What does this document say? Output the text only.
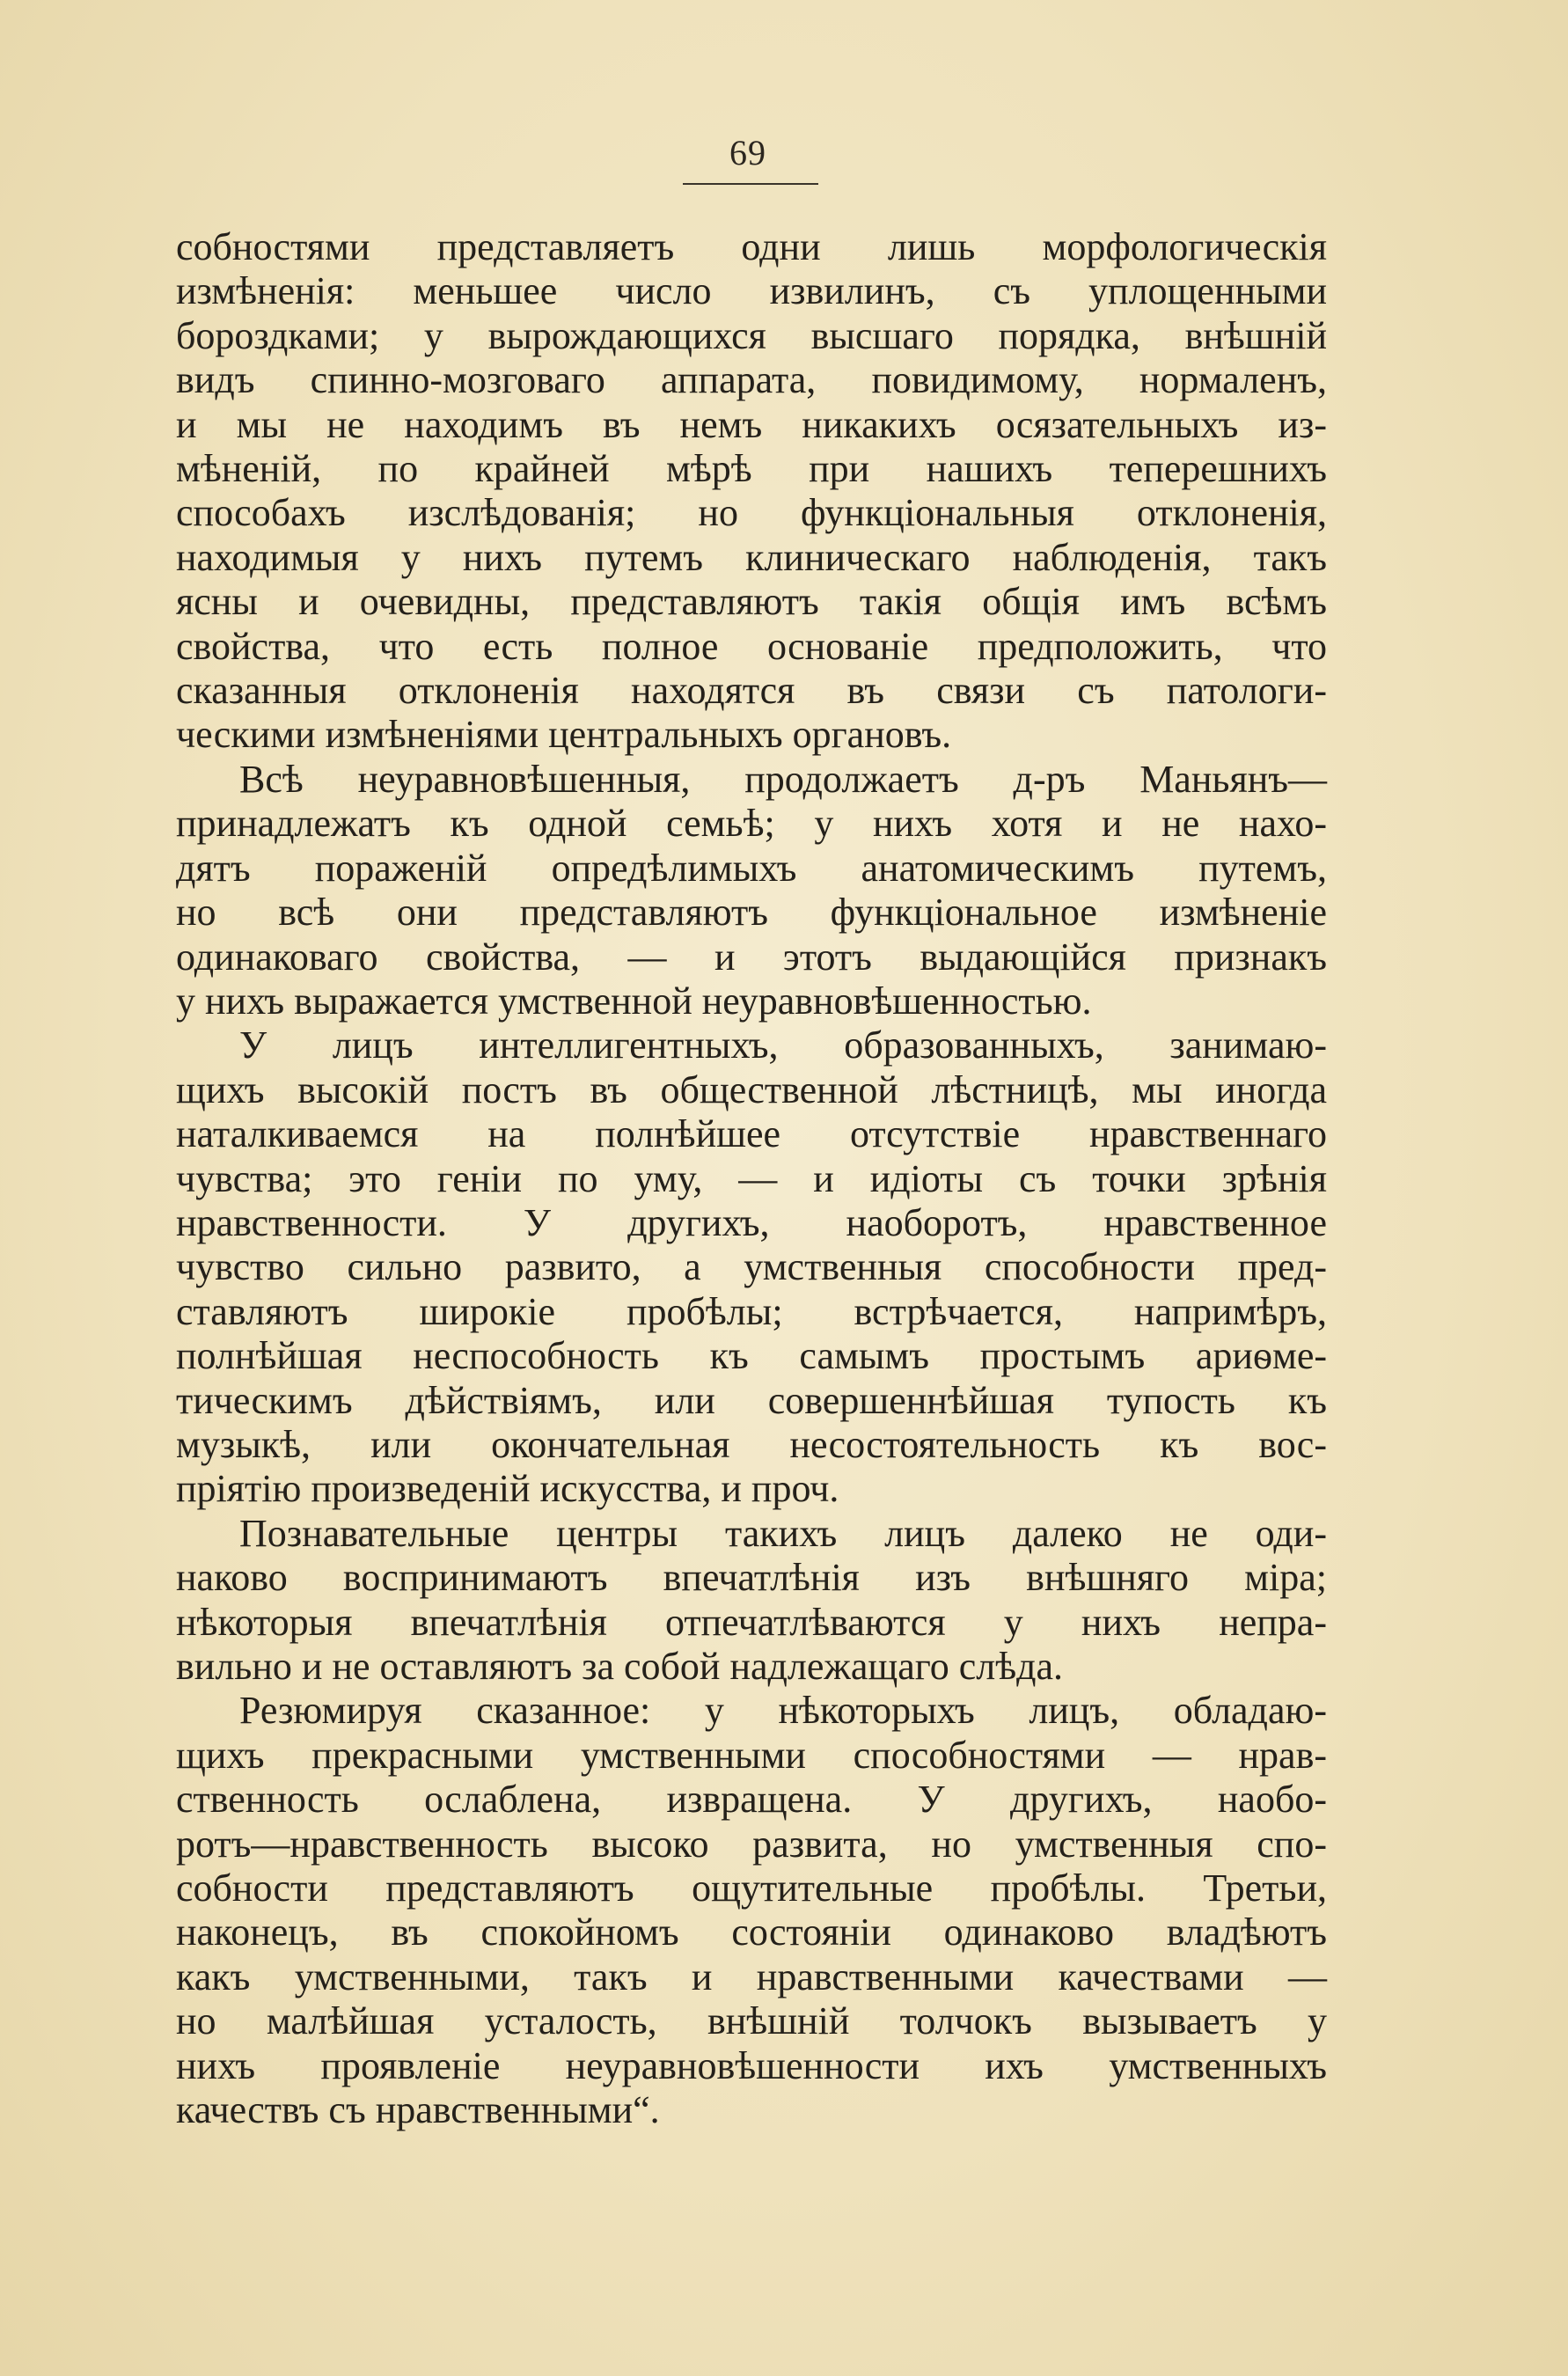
69
собностями представляетъ одни лишь морфологическія
измѣненія: меньшее число извилинъ, съ уплощенными
бороздками; у вырождающихся высшаго порядка, внѣшній
видъ спинно-мозговаго аппарата, повидимому, нормаленъ,
и мы не находимъ въ немъ никакихъ осязательныхъ из-
мѣненій, по крайней мѣрѣ при нашихъ теперешнихъ
способахъ изслѣдованія; но функціональныя отклоненія,
находимыя у нихъ путемъ клиническаго наблюденія, такъ
ясны и очевидны, представляютъ такія общія имъ всѣмъ
свойства, что есть полное основаніе предположить, что
сказанныя отклоненія находятся въ связи съ патологи-
ческими измѣненіями центральныхъ органовъ.
Всѣ неуравновѣшенныя, продолжаетъ д-ръ Маньянъ—
принадлежатъ къ одной семьѣ; у нихъ хотя и не нахо-
дятъ пораженій опредѣлимыхъ анатомическимъ путемъ,
но всѣ они представляютъ функціональное измѣненіе
одинаковаго свойства, — и этотъ выдающійся признакъ
у нихъ выражается умственной неуравновѣшенностью.
У лицъ интеллигентныхъ, образованныхъ, занимаю-
щихъ высокій постъ въ общественной лѣстницѣ, мы иногда
наталкиваемся на полнѣйшее отсутствіе нравственнаго
чувства; это геніи по уму, — и идіоты съ точки зрѣнія
нравственности. У другихъ, наоборотъ, нравственное
чувство сильно развито, а умственныя способности пред-
ставляютъ широкіе пробѣлы; встрѣчается, напримѣръ,
полнѣйшая неспособность къ самымъ простымъ ариѳме-
тическимъ дѣйствіямъ, или совершеннѣйшая тупость къ
музыкѣ, или окончательная несостоятельность къ вос-
пріятію произведеній искусства, и проч.
Познавательные центры такихъ лицъ далеко не оди-
наково воспринимаютъ впечатлѣнія изъ внѣшняго міра;
нѣкоторыя впечатлѣнія отпечатлѣваются у нихъ непра-
вильно и не оставляютъ за собой надлежащаго слѣда.
Резюмируя сказанное: у нѣкоторыхъ лицъ, обладаю-
щихъ прекрасными умственными способностями — нрав-
ственность ослаблена, извращена. У другихъ, наобо-
ротъ—нравственность высоко развита, но умственныя спо-
собности представляютъ ощутительные пробѣлы. Третьи,
наконецъ, въ спокойномъ состояніи одинаково владѣютъ
какъ умственными, такъ и нравственными качествами —
но малѣйшая усталость, внѣшній толчокъ вызываетъ у
нихъ проявленіе неуравновѣшенности ихъ умственныхъ
качествъ съ нравственными“.
